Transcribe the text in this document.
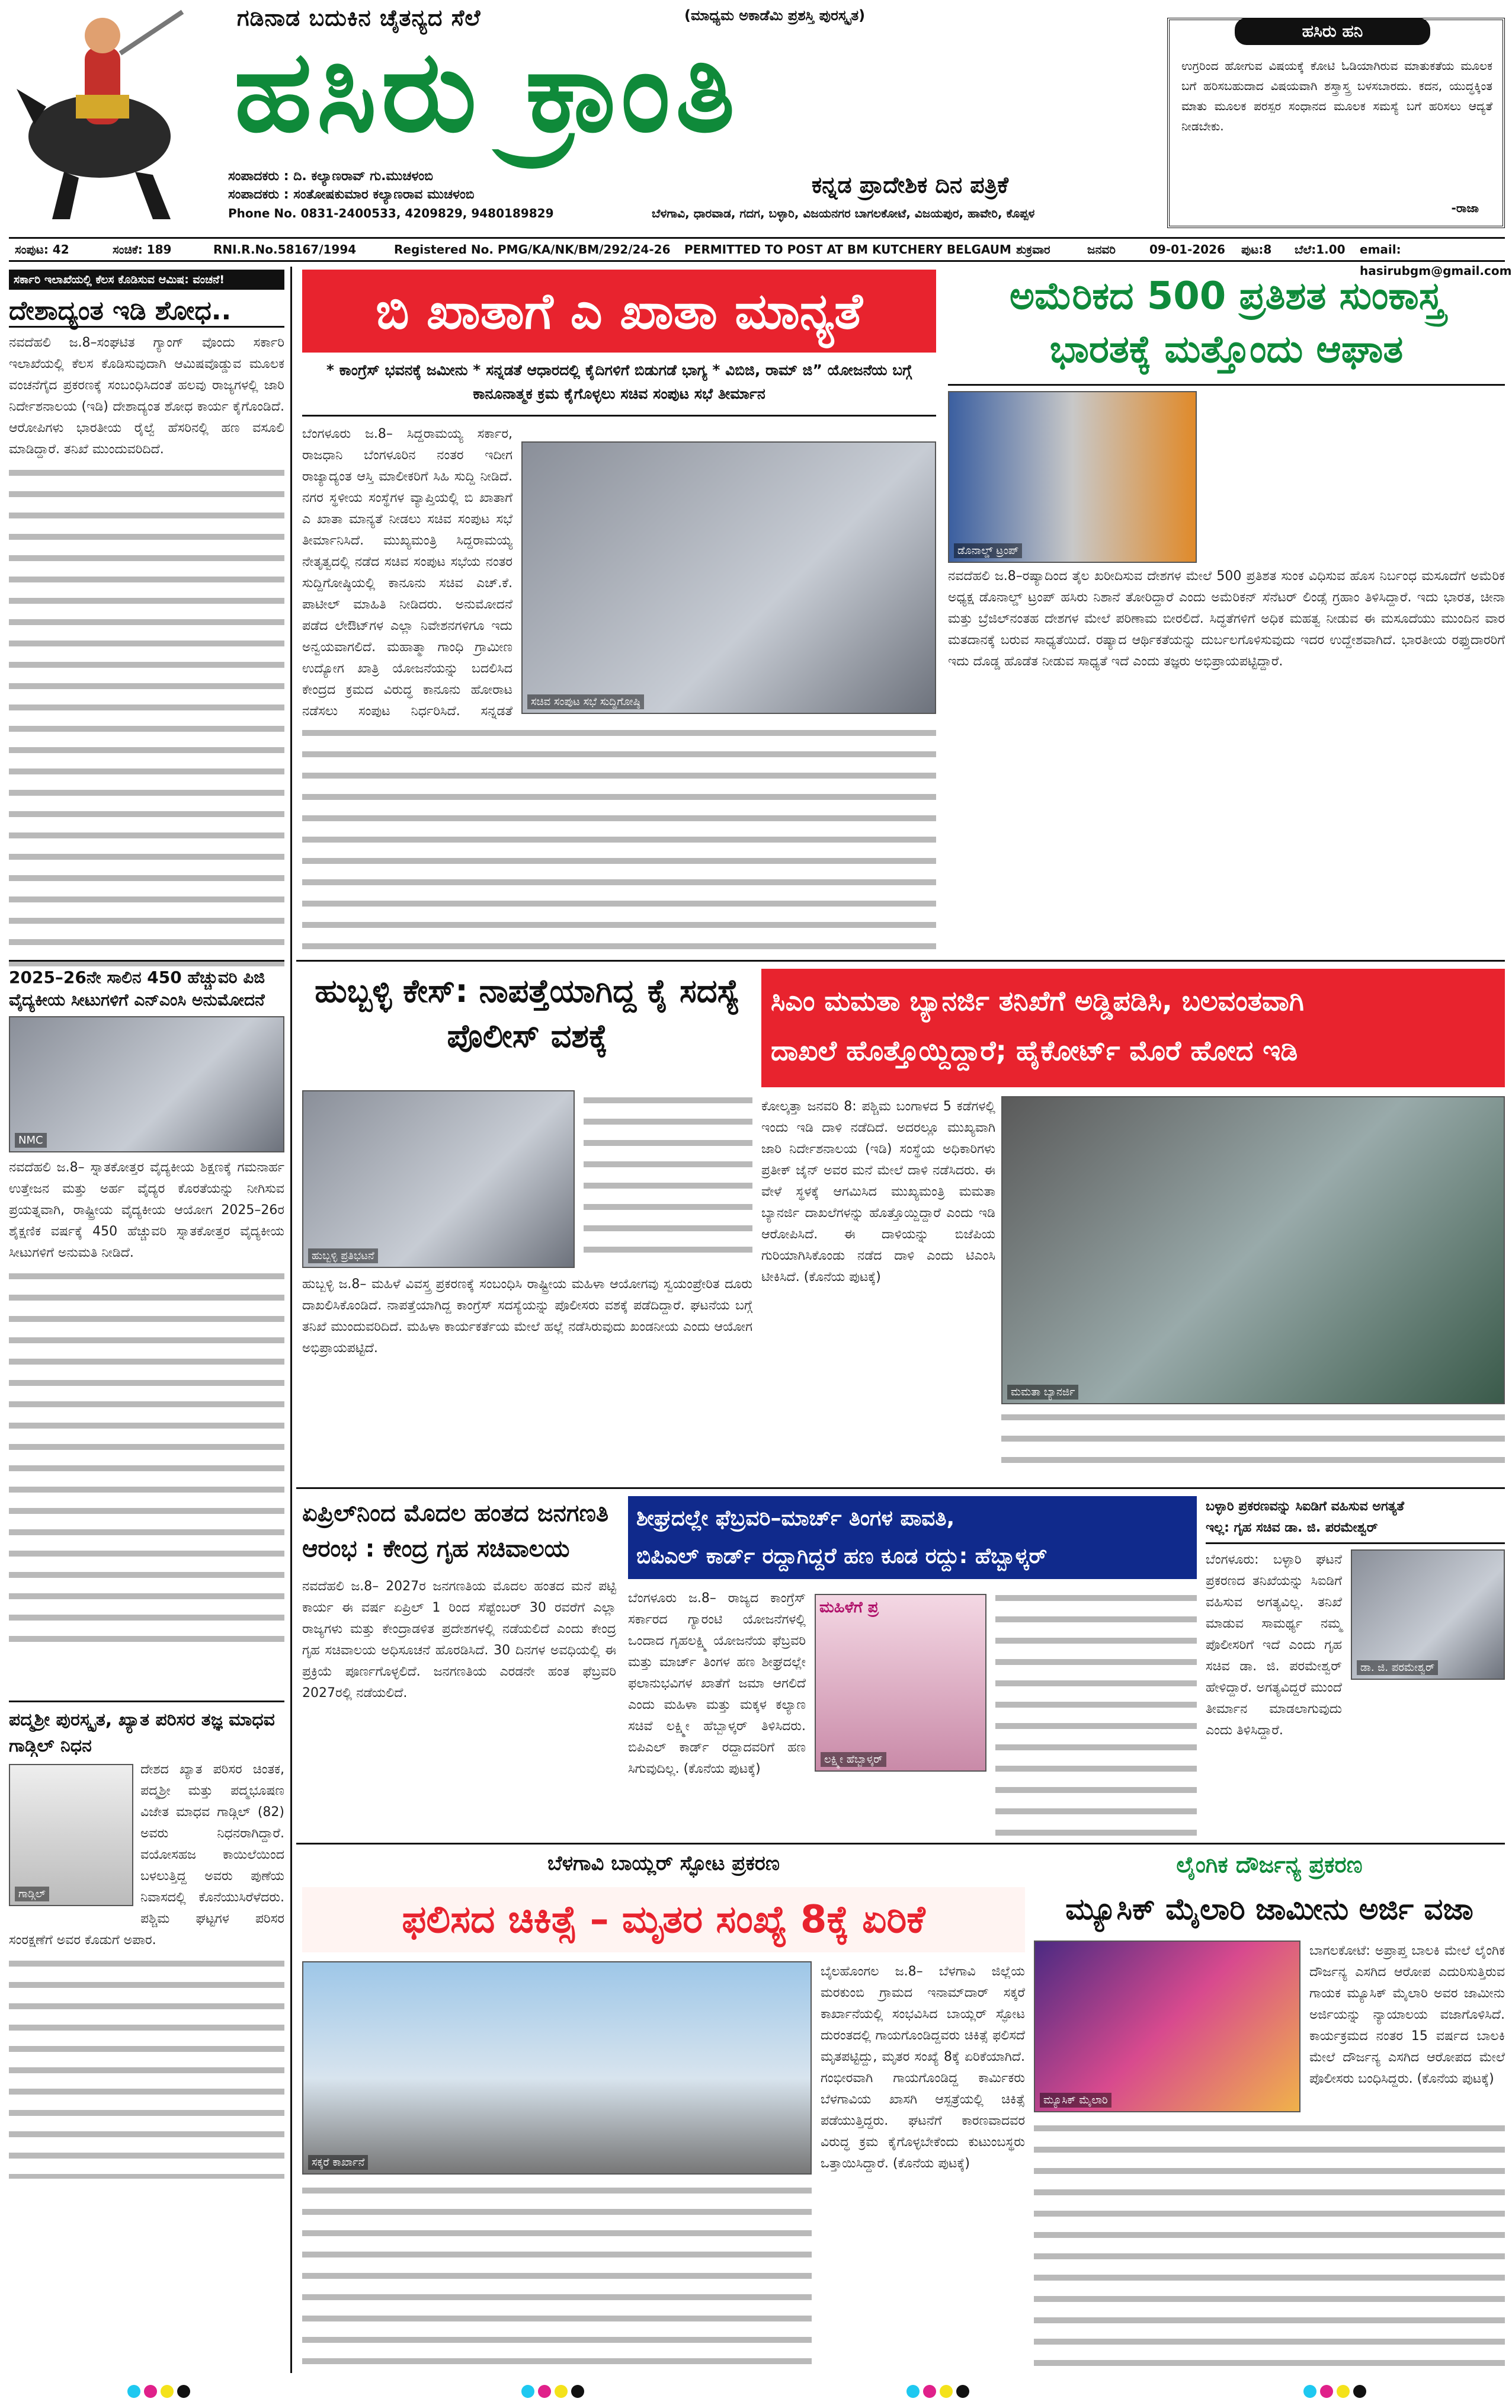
ಗಡಿನಾಡ ಬದುಕಿನ ಚೈತನ್ಯದ ಸೆಲೆ	(ಮಾಧ್ಯಮ ಅಕಾಡೆಮಿ ಪ್ರಶಸ್ತಿ ಪುರಸ್ಕೃತ)
ಹಸಿರು ಕ್ರಾಂತಿ
ಸಂಪಾದಕರು : ದಿ. ಕಲ್ಯಾಣರಾವ್ ಗು.ಮುಚಳಂಬಿ
ಸಂಪಾದಕರು : ಸಂತೋಷಕುಮಾರ ಕಲ್ಯಾಣರಾವ ಮುಚಳಂಬಿ
Phone No. 0831-2400533, 4209829, 9480189829	ಬೆಳಗಾವಿ, ಧಾರವಾಡ, ಗದಗ, ಬಳ್ಳಾರಿ, ವಿಜಯನಗರ ಬಾಗಲಕೋಟೆ, ವಿಜಯಪುರ, ಹಾವೇರಿ, ಕೊಪ್ಪಳ
ಕನ್ನಡ ಪ್ರಾದೇಶಿಕ ದಿನ ಪತ್ರಿಕೆ
ಹಸಿರು ಹನಿ
ಉಗ್ರರಿಂದ ಹೋಗುವ ವಿಷಯಕ್ಕೆ ಕೋಟಿ ಓಡಿಯಾಗಿರುವ ಮಾತುಕತೆಯ ಮೂಲಕ ಬಗೆ ಹರಿಸಬಹುದಾದ ವಿಷಯವಾಗಿ ಶಸ್ತ್ರಾಸ್ತ್ರ ಬಳಸಬಾರದು. ಕದನ, ಯುದ್ಧಕ್ಕಿಂತ ಮಾತು ಮೂಲಕ ಪರಸ್ಪರ ಸಂಧಾನದ ಮೂಲಕ ಸಮಸ್ಯೆ ಬಗೆ ಹರಿಸಲು ಆದ್ಯತೆ ನೀಡಬೇಕು.
-ರಾಜಾ
ಸಂಪುಟ: 42	ಸಂಚಿಕೆ: 189	RNI.R.No.58167/1994	Registered No. PMG/KA/NK/BM/292/24-26 PERMITTED TO POST AT BM KUTCHERY BELGAUM ಶುಕ್ರವಾರ	ಜನವರಿ	09-01-2026 ಪುಟ:8 ಬೆಲೆ:1.00 email: hasirubgm@gmail.com
ಸರ್ಕಾರಿ ಇಲಾಖೆಯಲ್ಲಿ ಕೆಲಸ ಕೊಡಿಸುವ ಆಮಿಷ: ವಂಚನೆ!
ದೇಶಾದ್ಯಂತ ಇಡಿ ಶೋಧ..
ನವದೆಹಲಿ ಜ.8–ಸಂಘಟಿತ ಗ್ಯಾಂಗ್ ವೊಂದು ಸರ್ಕಾರಿ ಇಲಾಖೆಯಲ್ಲಿ ಕೆಲಸ ಕೊಡಿಸುವುದಾಗಿ ಆಮಿಷವೊಡ್ಡುವ ಮೂಲಕ ವಂಚನೆಗೈದ ಪ್ರಕರಣಕ್ಕೆ ಸಂಬಂಧಿಸಿದಂತೆ ಹಲವು ರಾಜ್ಯಗಳಲ್ಲಿ ಜಾರಿ ನಿರ್ದೇಶನಾಲಯ (ಇಡಿ) ದೇಶಾದ್ಯಂತ ಶೋಧ ಕಾರ್ಯ ಕೈಗೊಂಡಿದೆ. ಆರೋಪಿಗಳು ಭಾರತೀಯ ರೈಲ್ವೆ ಹೆಸರಿನಲ್ಲಿ ಹಣ ವಸೂಲಿ ಮಾಡಿದ್ದಾರೆ. ತನಿಖೆ ಮುಂದುವರಿದಿದೆ.
2025–26ನೇ ಸಾಲಿನ 450 ಹೆಚ್ಚುವರಿ ಪಿಜಿ ವೈದ್ಯಕೀಯ ಸೀಟುಗಳಿಗೆ ಎನ್‌ಎಂಸಿ ಅನುಮೋದನೆ
NMC
ನವದೆಹಲಿ ಜ.8– ಸ್ನಾತಕೋತ್ತರ ವೈದ್ಯಕೀಯ ಶಿಕ್ಷಣಕ್ಕೆ ಗಮನಾರ್ಹ ಉತ್ತೇಜನ ಮತ್ತು ಅರ್ಹ ವೈದ್ಯರ ಕೊರತೆಯನ್ನು ನೀಗಿಸುವ ಪ್ರಯತ್ನವಾಗಿ, ರಾಷ್ಟ್ರೀಯ ವೈದ್ಯಕೀಯ ಆಯೋಗ 2025–26ರ ಶೈಕ್ಷಣಿಕ ವರ್ಷಕ್ಕೆ 450 ಹೆಚ್ಚುವರಿ ಸ್ನಾತಕೋತ್ತರ ವೈದ್ಯಕೀಯ ಸೀಟುಗಳಿಗೆ ಅನುಮತಿ ನೀಡಿದೆ.
ಪದ್ಮಶ್ರೀ ಪುರಸ್ಕೃತ, ಖ್ಯಾತ ಪರಿಸರ ತಜ್ಞ ಮಾಧವ ಗಾಡ್ಗಿಲ್ ನಿಧನ
ಗಾಡ್ಗಿಲ್
ದೇಶದ ಖ್ಯಾತ ಪರಿಸರ ಚಿಂತಕ, ಪದ್ಮಶ್ರೀ ಮತ್ತು ಪದ್ಮಭೂಷಣ ವಿಜೇತ ಮಾಧವ ಗಾಡ್ಗಿಲ್ (82) ಅವರು ನಿಧನರಾಗಿದ್ದಾರೆ. ವಯೋಸಹಜ ಕಾಯಿಲೆಯಿಂದ ಬಳಲುತ್ತಿದ್ದ ಅವರು ಪುಣೆಯ ನಿವಾಸದಲ್ಲಿ ಕೊನೆಯುಸಿರೆಳೆದರು. ಪಶ್ಚಿಮ ಘಟ್ಟಗಳ ಪರಿಸರ ಸಂರಕ್ಷಣೆಗೆ ಅವರ ಕೊಡುಗೆ ಅಪಾರ.
ಬಿ ಖಾತಾಗೆ ಎ ಖಾತಾ ಮಾನ್ಯತೆ
* ಕಾಂಗ್ರೆಸ್ ಭವನಕ್ಕೆ ಜಮೀನು * ಸನ್ನಡತೆ ಆಧಾರದಲ್ಲಿ ಕೈದಿಗಳಿಗೆ ಬಿಡುಗಡೆ ಭಾಗ್ಯ * ವಿಬಿಜಿ, ರಾಮ್ ಜಿ” ಯೋಜನೆಯ ಬಗ್ಗೆ ಕಾನೂನಾತ್ಮಕ ಕ್ರಮ ಕೈಗೊಳ್ಳಲು ಸಚಿವ ಸಂಪುಟ ಸಭೆ ತೀರ್ಮಾನ
ಸಚಿವ ಸಂಪುಟ ಸಭೆ ಸುದ್ದಿಗೋಷ್ಠಿ
ಬೆಂಗಳೂರು ಜ.8– ಸಿದ್ದರಾಮಯ್ಯ ಸರ್ಕಾರ, ರಾಜಧಾನಿ ಬೆಂಗಳೂರಿನ ನಂತರ ಇದೀಗ ರಾಜ್ಯಾದ್ಯಂತ ಆಸ್ತಿ ಮಾಲೀಕರಿಗೆ ಸಿಹಿ ಸುದ್ದಿ ನೀಡಿದೆ. ನಗರ ಸ್ಥಳೀಯ ಸಂಸ್ಥೆಗಳ ವ್ಯಾಪ್ತಿಯಲ್ಲಿ ಬಿ ಖಾತಾಗೆ ಎ ಖಾತಾ ಮಾನ್ಯತೆ ನೀಡಲು ಸಚಿವ ಸಂಪುಟ ಸಭೆ ತೀರ್ಮಾನಿಸಿದೆ. ಮುಖ್ಯಮಂತ್ರಿ ಸಿದ್ದರಾಮಯ್ಯ ನೇತೃತ್ವದಲ್ಲಿ ನಡೆದ ಸಚಿವ ಸಂಪುಟ ಸಭೆಯ ನಂತರ ಸುದ್ದಿಗೋಷ್ಠಿಯಲ್ಲಿ ಕಾನೂನು ಸಚಿವ ಎಚ್.ಕೆ. ಪಾಟೀಲ್ ಮಾಹಿತಿ ನೀಡಿದರು. ಅನುಮೋದನೆ ಪಡೆದ ಲೇಔಟ್‌ಗಳ ಎಲ್ಲಾ ನಿವೇಶನಗಳಿಗೂ ಇದು ಅನ್ವಯವಾಗಲಿದೆ. ಮಹಾತ್ಮಾ ಗಾಂಧಿ ಗ್ರಾಮೀಣ ಉದ್ಯೋಗ ಖಾತ್ರಿ ಯೋಜನೆಯನ್ನು ಬದಲಿಸಿದ ಕೇಂದ್ರದ ಕ್ರಮದ ವಿರುದ್ಧ ಕಾನೂನು ಹೋರಾಟ ನಡೆಸಲು ಸಂಪುಟ ನಿರ್ಧರಿಸಿದೆ. ಸನ್ನಡತೆ
ಅಮೆರಿಕದ 500 ಪ್ರತಿಶತ ಸುಂಕಾಸ್ತ್ರ
ಭಾರತಕ್ಕೆ ಮತ್ತೊಂದು ಆಘಾತ
ಡೊನಾಲ್ಡ್ ಟ್ರಂಪ್
ನವದೆಹಲಿ ಜ.8–ರಷ್ಯಾದಿಂದ ತೈಲ ಖರೀದಿಸುವ ದೇಶಗಳ ಮೇಲೆ 500 ಪ್ರತಿಶತ ಸುಂಕ ವಿಧಿಸುವ ಹೊಸ ನಿರ್ಬಂಧ ಮಸೂದೆಗೆ ಅಮೆರಿಕ ಅಧ್ಯಕ್ಷ ಡೊನಾಲ್ಡ್ ಟ್ರಂಪ್ ಹಸಿರು ನಿಶಾನೆ ತೋರಿದ್ದಾರೆ ಎಂದು ಅಮೆರಿಕನ್ ಸೆನೆಟರ್ ಲಿಂಡ್ಸೆ ಗ್ರಹಾಂ ತಿಳಿಸಿದ್ದಾರೆ. ಇದು ಭಾರತ, ಚೀನಾ ಮತ್ತು ಬ್ರೆಜಿಲ್‌ನಂತಹ ದೇಶಗಳ ಮೇಲೆ ಪರಿಣಾಮ ಬೀರಲಿದೆ. ಸಿದ್ಧತೆಗಳಿಗೆ ಅಧಿಕ ಮಹತ್ವ ನೀಡುವ ಈ ಮಸೂದೆಯು ಮುಂದಿನ ವಾರ ಮತದಾನಕ್ಕೆ ಬರುವ ಸಾಧ್ಯತೆಯಿದೆ. ರಷ್ಯಾದ ಆರ್ಥಿಕತೆಯನ್ನು ದುರ್ಬಲಗೊಳಿಸುವುದು ಇದರ ಉದ್ದೇಶವಾಗಿದೆ. ಭಾರತೀಯ ರಫ್ತುದಾರರಿಗೆ ಇದು ದೊಡ್ಡ ಹೊಡೆತ ನೀಡುವ ಸಾಧ್ಯತೆ ಇದೆ ಎಂದು ತಜ್ಞರು ಅಭಿಪ್ರಾಯಪಟ್ಟಿದ್ದಾರೆ.
ಹುಬ್ಬಳ್ಳಿ ಕೇಸ್: ನಾಪತ್ತೆಯಾಗಿದ್ದ ಕೈ ಸದಸ್ಯೆ ಪೊಲೀಸ್ ವಶಕ್ಕೆ
ಹುಬ್ಬಳ್ಳಿ ಪ್ರತಿಭಟನೆ
ಹುಬ್ಬಳ್ಳಿ ಜ.8– ಮಹಿಳೆ ವಿವಸ್ತ್ರ ಪ್ರಕರಣಕ್ಕೆ ಸಂಬಂಧಿಸಿ ರಾಷ್ಟ್ರೀಯ ಮಹಿಳಾ ಆಯೋಗವು ಸ್ವಯಂಪ್ರೇರಿತ ದೂರು ದಾಖಲಿಸಿಕೊಂಡಿದೆ. ನಾಪತ್ತೆಯಾಗಿದ್ದ ಕಾಂಗ್ರೆಸ್ ಸದಸ್ಯೆಯನ್ನು ಪೊಲೀಸರು ವಶಕ್ಕೆ ಪಡೆದಿದ್ದಾರೆ. ಘಟನೆಯ ಬಗ್ಗೆ ತನಿಖೆ ಮುಂದುವರಿದಿದೆ. ಮಹಿಳಾ ಕಾರ್ಯಕರ್ತೆಯ ಮೇಲೆ ಹಲ್ಲೆ ನಡೆಸಿರುವುದು ಖಂಡನೀಯ ಎಂದು ಆಯೋಗ ಅಭಿಪ್ರಾಯಪಟ್ಟಿದೆ.
ಸಿಎಂ ಮಮತಾ ಬ್ಯಾನರ್ಜಿ ತನಿಖೆಗೆ ಅಡ್ಡಿಪಡಿಸಿ, ಬಲವಂತವಾಗಿ
ದಾಖಲೆ ಹೊತ್ತೊಯ್ದಿದ್ದಾರೆ; ಹೈಕೋರ್ಟ್ ಮೊರೆ ಹೋದ ಇಡಿ
ಮಮತಾ ಬ್ಯಾನರ್ಜಿ
ಕೋಲ್ಕತ್ತಾ ಜನವರಿ 8: ಪಶ್ಚಿಮ ಬಂಗಾಳದ 5 ಕಡೆಗಳಲ್ಲಿ ಇಂದು ಇಡಿ ದಾಳಿ ನಡೆದಿದೆ. ಅದರಲ್ಲೂ ಮುಖ್ಯವಾಗಿ ಜಾರಿ ನಿರ್ದೇಶನಾಲಯ (ಇಡಿ) ಸಂಸ್ಥೆಯ ಅಧಿಕಾರಿಗಳು ಪ್ರತೀಕ್ ಜೈನ್ ಅವರ ಮನೆ ಮೇಲೆ ದಾಳಿ ನಡೆಸಿದರು. ಈ ವೇಳೆ ಸ್ಥಳಕ್ಕೆ ಆಗಮಿಸಿದ ಮುಖ್ಯಮಂತ್ರಿ ಮಮತಾ ಬ್ಯಾನರ್ಜಿ ದಾಖಲೆಗಳನ್ನು ಹೊತ್ತೊಯ್ದಿದ್ದಾರೆ ಎಂದು ಇಡಿ ಆರೋಪಿಸಿದೆ. ಈ ದಾಳಿಯನ್ನು ಬಿಜೆಪಿಯ ಗುರಿಯಾಗಿಸಿಕೊಂಡು ನಡೆದ ದಾಳಿ ಎಂದು ಟಿಎಂಸಿ ಟೀಕಿಸಿದೆ. (ಕೊನೆಯ ಪುಟಕ್ಕೆ)
ಏಪ್ರಿಲ್‌ನಿಂದ ಮೊದಲ ಹಂತದ ಜನಗಣತಿ
ಆರಂಭ : ಕೇಂದ್ರ ಗೃಹ ಸಚಿವಾಲಯ
ನವದೆಹಲಿ ಜ.8– 2027ರ ಜನಗಣತಿಯ ಮೊದಲ ಹಂತದ ಮನೆ ಪಟ್ಟಿ ಕಾರ್ಯ ಈ ವರ್ಷ ಏಪ್ರಿಲ್ 1 ರಿಂದ ಸೆಪ್ಟೆಂಬರ್ 30 ರವರೆಗೆ ಎಲ್ಲಾ ರಾಜ್ಯಗಳು ಮತ್ತು ಕೇಂದ್ರಾಡಳಿತ ಪ್ರದೇಶಗಳಲ್ಲಿ ನಡೆಯಲಿದೆ ಎಂದು ಕೇಂದ್ರ ಗೃಹ ಸಚಿವಾಲಯ ಅಧಿಸೂಚನೆ ಹೊರಡಿಸಿದೆ. 30 ದಿನಗಳ ಅವಧಿಯಲ್ಲಿ ಈ ಪ್ರಕ್ರಿಯೆ ಪೂರ್ಣಗೊಳ್ಳಲಿದೆ. ಜನಗಣತಿಯ ಎರಡನೇ ಹಂತ ಫೆಬ್ರವರಿ 2027ರಲ್ಲಿ ನಡೆಯಲಿದೆ.
ಶೀಘ್ರದಲ್ಲೇ ಫೆಬ್ರವರಿ–ಮಾರ್ಚ್ ತಿಂಗಳ ಪಾವತಿ,
ಬಿಪಿಎಲ್ ಕಾರ್ಡ್ ರದ್ದಾಗಿದ್ದರೆ ಹಣ ಕೂಡ ರದ್ದು: ಹೆಬ್ಬಾಳ್ಕರ್
ಮಹಿಳೆಗೆ ಪ್ರ
ಲಕ್ಷ್ಮೀ ಹೆಬ್ಬಾಳ್ಕರ್
ಬೆಂಗಳೂರು ಜ.8– ರಾಜ್ಯದ ಕಾಂಗ್ರೆಸ್ ಸರ್ಕಾರದ ಗ್ಯಾರಂಟಿ ಯೋಜನೆಗಳಲ್ಲಿ ಒಂದಾದ ಗೃಹಲಕ್ಷ್ಮಿ ಯೋಜನೆಯ ಫೆಬ್ರವರಿ ಮತ್ತು ಮಾರ್ಚ್ ತಿಂಗಳ ಹಣ ಶೀಘ್ರದಲ್ಲೇ ಫಲಾನುಭವಿಗಳ ಖಾತೆಗೆ ಜಮಾ ಆಗಲಿದೆ ಎಂದು ಮಹಿಳಾ ಮತ್ತು ಮಕ್ಕಳ ಕಲ್ಯಾಣ ಸಚಿವೆ ಲಕ್ಷ್ಮೀ ಹೆಬ್ಬಾಳ್ಕರ್ ತಿಳಿಸಿದರು. ಬಿಪಿಎಲ್ ಕಾರ್ಡ್ ರದ್ದಾದವರಿಗೆ ಹಣ ಸಿಗುವುದಿಲ್ಲ. (ಕೊನೆಯ ಪುಟಕ್ಕೆ)
ಬಳ್ಳಾರಿ ಪ್ರಕರಣವನ್ನು ಸಿಐಡಿಗೆ ವಹಿಸುವ ಅಗತ್ಯತೆ
ಇಲ್ಲ: ಗೃಹ ಸಚಿವ ಡಾ. ಜಿ. ಪರಮೇಶ್ವರ್
ಡಾ. ಜಿ. ಪರಮೇಶ್ವರ್
ಬೆಂಗಳೂರು: ಬಳ್ಳಾರಿ ಘಟನೆ ಪ್ರಕರಣದ ತನಿಖೆಯನ್ನು ಸಿಐಡಿಗೆ ವಹಿಸುವ ಅಗತ್ಯವಿಲ್ಲ. ತನಿಖೆ ಮಾಡುವ ಸಾಮರ್ಥ್ಯ ನಮ್ಮ ಪೊಲೀಸರಿಗೆ ಇದೆ ಎಂದು ಗೃಹ ಸಚಿವ ಡಾ. ಜಿ. ಪರಮೇಶ್ವರ್ ಹೇಳಿದ್ದಾರೆ. ಅಗತ್ಯವಿದ್ದರೆ ಮುಂದೆ ತೀರ್ಮಾನ ಮಾಡಲಾಗುವುದು ಎಂದು ತಿಳಿಸಿದ್ದಾರೆ.
ಬೆಳಗಾವಿ ಬಾಯ್ಲರ್ ಸ್ಫೋಟ ಪ್ರಕರಣ
ಫಲಿಸದ ಚಿಕಿತ್ಸೆ – ಮೃತರ ಸಂಖ್ಯೆ 8ಕ್ಕೆ ಏರಿಕೆ
ಸಕ್ಕರೆ ಕಾರ್ಖಾನೆ
ಬೈಲಹೊಂಗಲ ಜ.8– ಬೆಳಗಾವಿ ಜಿಲ್ಲೆಯ ಮರಕುಂಬಿ ಗ್ರಾಮದ ಇನಾಮ್‌ದಾರ್ ಸಕ್ಕರೆ ಕಾರ್ಖಾನೆಯಲ್ಲಿ ಸಂಭವಿಸಿದ ಬಾಯ್ಲರ್ ಸ್ಫೋಟ ದುರಂತದಲ್ಲಿ ಗಾಯಗೊಂಡಿದ್ದವರು ಚಿಕಿತ್ಸೆ ಫಲಿಸದೆ ಮೃತಪಟ್ಟಿದ್ದು, ಮೃತರ ಸಂಖ್ಯೆ 8ಕ್ಕೆ ಏರಿಕೆಯಾಗಿದೆ. ಗಂಭೀರವಾಗಿ ಗಾಯಗೊಂಡಿದ್ದ ಕಾರ್ಮಿಕರು ಬೆಳಗಾವಿಯ ಖಾಸಗಿ ಆಸ್ಪತ್ರೆಯಲ್ಲಿ ಚಿಕಿತ್ಸೆ ಪಡೆಯುತ್ತಿದ್ದರು. ಘಟನೆಗೆ ಕಾರಣವಾದವರ ವಿರುದ್ಧ ಕ್ರಮ ಕೈಗೊಳ್ಳಬೇಕೆಂದು ಕುಟುಂಬಸ್ಥರು ಒತ್ತಾಯಿಸಿದ್ದಾರೆ. (ಕೊನೆಯ ಪುಟಕ್ಕೆ)
ಲೈಂಗಿಕ ದೌರ್ಜನ್ಯ ಪ್ರಕರಣ
ಮ್ಯೂಸಿಕ್ ಮೈಲಾರಿ ಜಾಮೀನು ಅರ್ಜಿ ವಜಾ
ಮ್ಯೂಸಿಕ್ ಮೈಲಾರಿ
ಬಾಗಲಕೋಟೆ: ಅಪ್ರಾಪ್ತ ಬಾಲಕಿ ಮೇಲೆ ಲೈಂಗಿಕ ದೌರ್ಜನ್ಯ ಎಸಗಿದ ಆರೋಪ ಎದುರಿಸುತ್ತಿರುವ ಗಾಯಕ ಮ್ಯೂಸಿಕ್ ಮೈಲಾರಿ ಅವರ ಜಾಮೀನು ಅರ್ಜಿಯನ್ನು ನ್ಯಾಯಾಲಯ ವಜಾಗೊಳಿಸಿದೆ. ಕಾರ್ಯಕ್ರಮದ ನಂತರ 15 ವರ್ಷದ ಬಾಲಕಿ ಮೇಲೆ ದೌರ್ಜನ್ಯ ಎಸಗಿದ ಆರೋಪದ ಮೇಲೆ ಪೊಲೀಸರು ಬಂಧಿಸಿದ್ದರು. (ಕೊನೆಯ ಪುಟಕ್ಕೆ)
